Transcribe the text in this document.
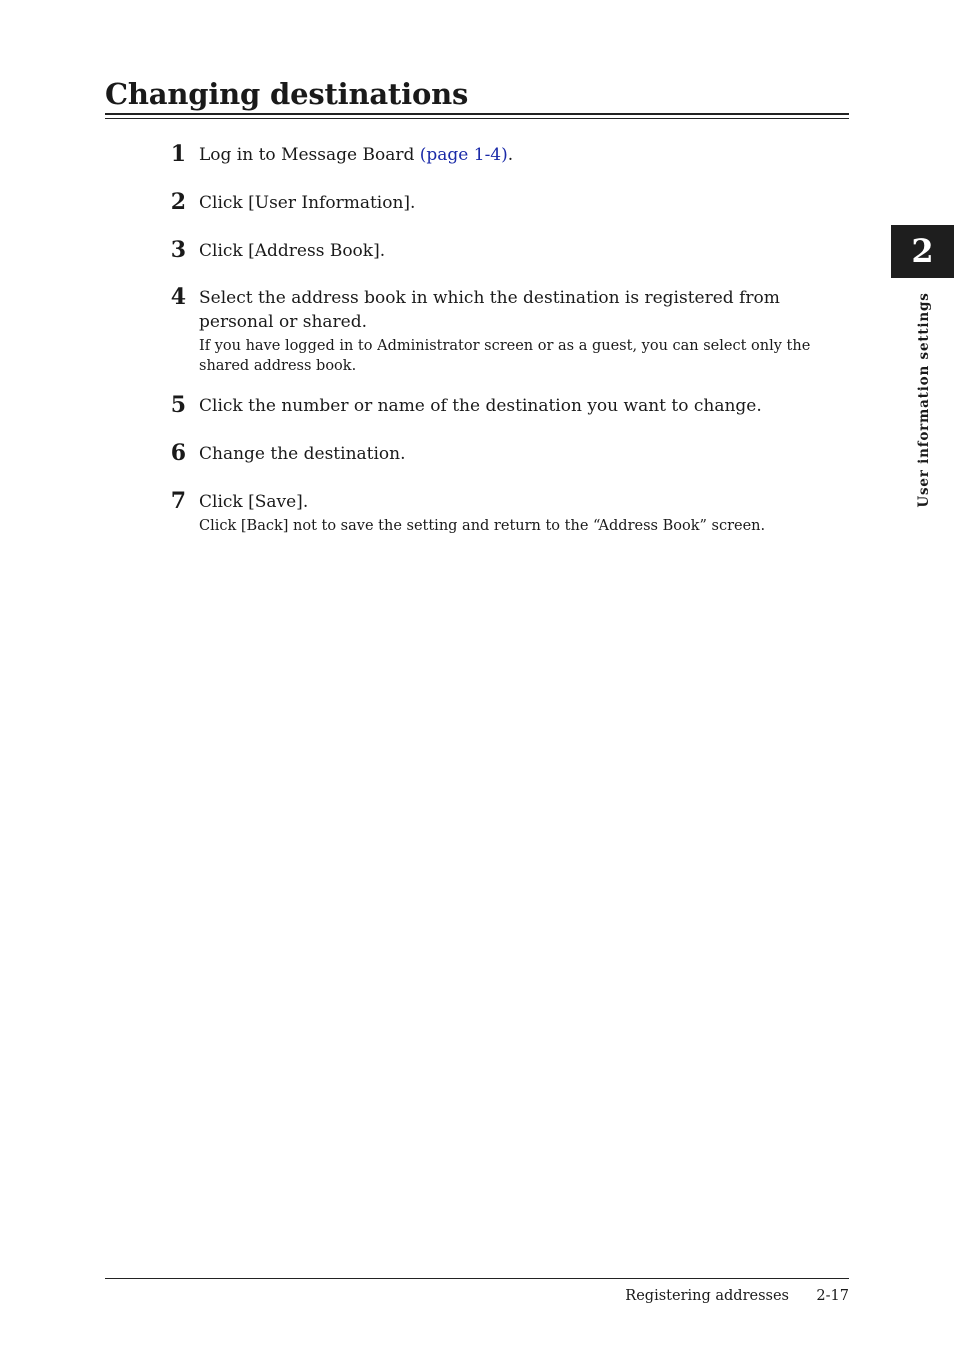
Changing destinations
1 Log in to Message Board (page 1-4).
2 Click [User Information].
3 Click [Address Book].
4 Select the address book in which the destination is registered from personal or shared.
If you have logged in to Administrator screen or as a guest, you can select only the shared address book.
5 Click the number or name of the destination you want to change.
6 Change the destination.
7 Click [Save].
Click [Back] not to save the setting and return to the “Address Book” screen.
2
User information settings
Registering addresses 2-17
